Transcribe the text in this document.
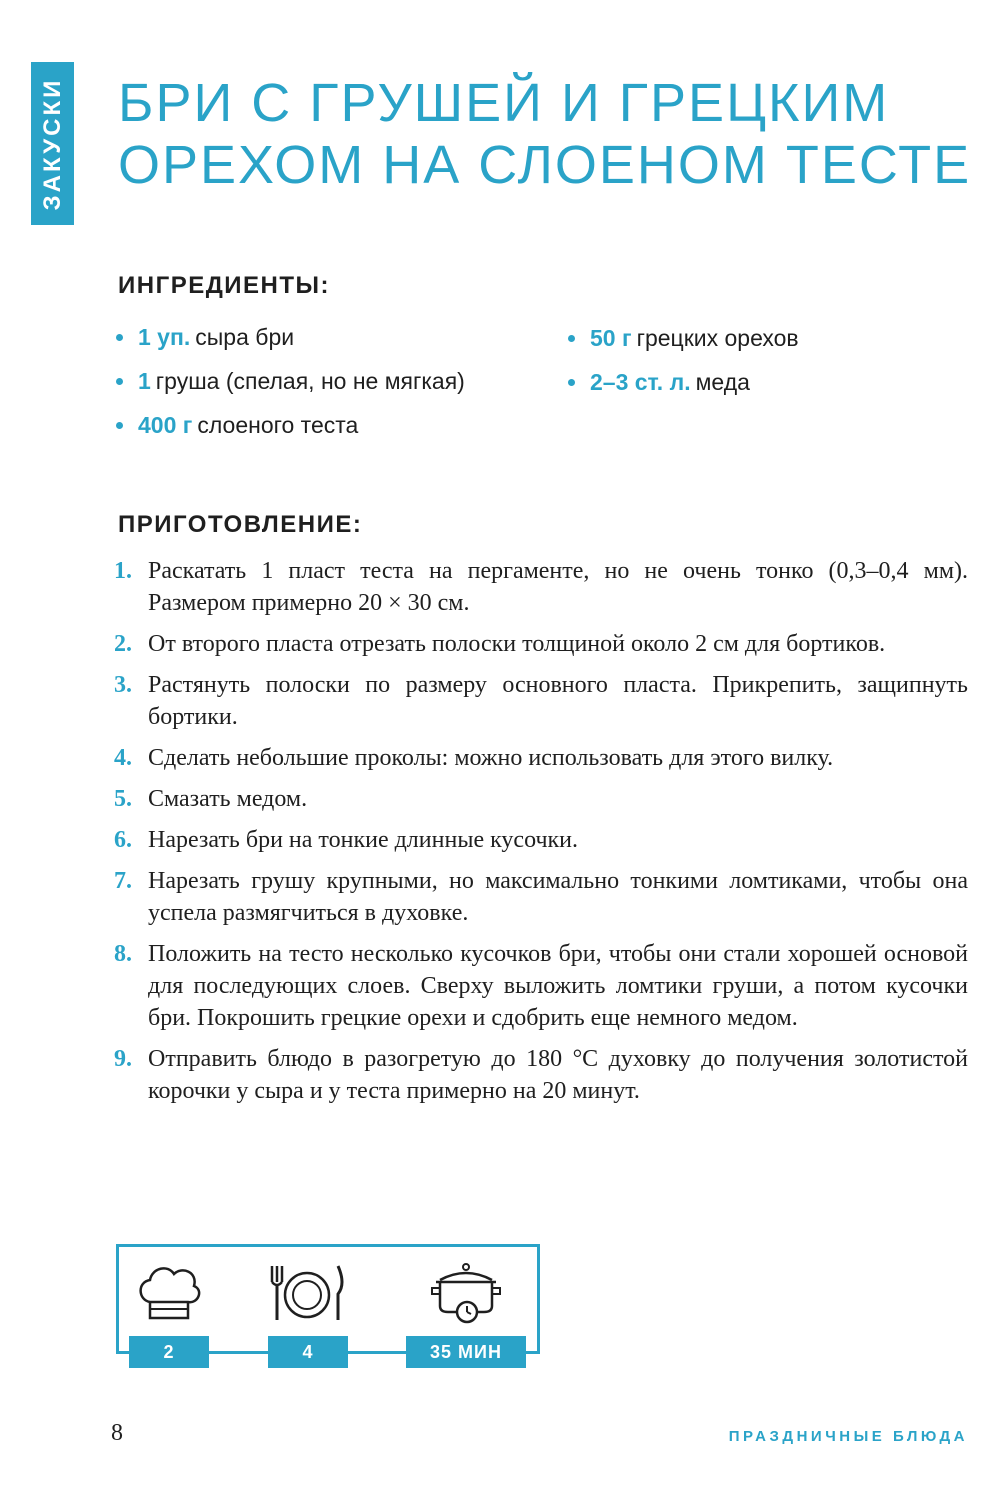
ЗАКУСКИ БРИ С ГРУШЕЙ И ГРЕЦКИМ ОРЕХОМ НА СЛОЕНОМ ТЕСТЕ
ИНГРЕДИЕНТЫ:
1 уп. сыра бри
1 груша (спелая, но не мягкая)
400 г слоеного теста
50 г грецких орехов
2–3 ст. л. меда
ПРИГОТОВЛЕНИЕ:
1. Раскатать 1 пласт теста на пергаменте, но не очень тонко (0,3–0,4 мм). Размером примерно 20 × 30 см.
2. От второго пласта отрезать полоски толщиной около 2 см для бортиков.
3. Растянуть полоски по размеру основного пласта. Прикрепить, защипнуть бортики.
4. Сделать небольшие проколы: можно использовать для этого вилку.
5. Смазать медом.
6. Нарезать бри на тонкие длинные кусочки.
7. Нарезать грушу крупными, но максимально тонкими ломтиками, чтобы она успела размягчиться в духовке.
8. Положить на тесто несколько кусочков бри, чтобы они стали хорошей основой для последующих слоев. Сверху выложить ломтики груши, а потом кусочки бри. Покрошить грецкие орехи и сдобрить еще немного медом.
9. Отправить блюдо в разогретую до 180 °С духовку до получения золотистой корочки у сыра и у теста примерно на 20 минут.
2	4	35 МИН
8	ПРАЗДНИЧНЫЕ БЛЮДА
